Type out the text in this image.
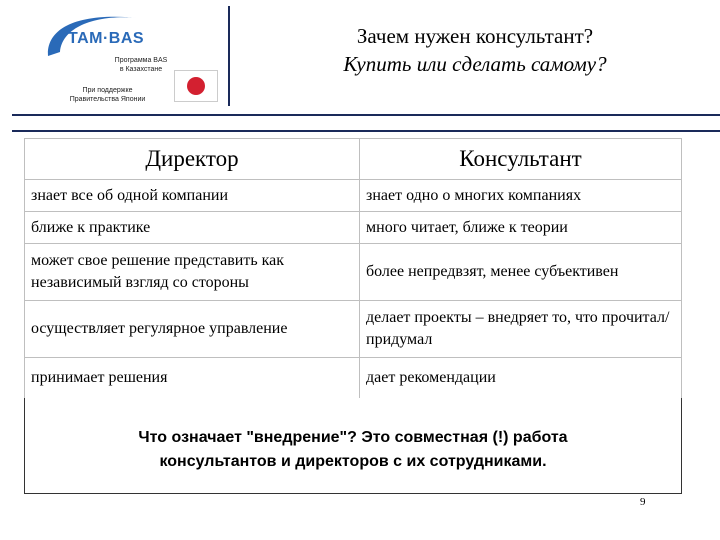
TAM·BAS
Программа BAS
в Казахстане
При поддержке
Правительства Японии
Зачем нужен консультант?
Купить или сделать самому?
Директор	Консультант
знает все об одной компании	знает одно о многих компаниях
ближе к практике	много читает, ближе к теории
может свое решение представить как независимый взгляд со стороны	более непредвзят, менее субъективен
осуществляет регулярное управление	делает проекты – внедряет то, что прочитал/придумал
принимает решения	дает рекомендации
Что означает "внедрение"? Это совместная (!) работа
консультантов и директоров с их сотрудниками.
9
